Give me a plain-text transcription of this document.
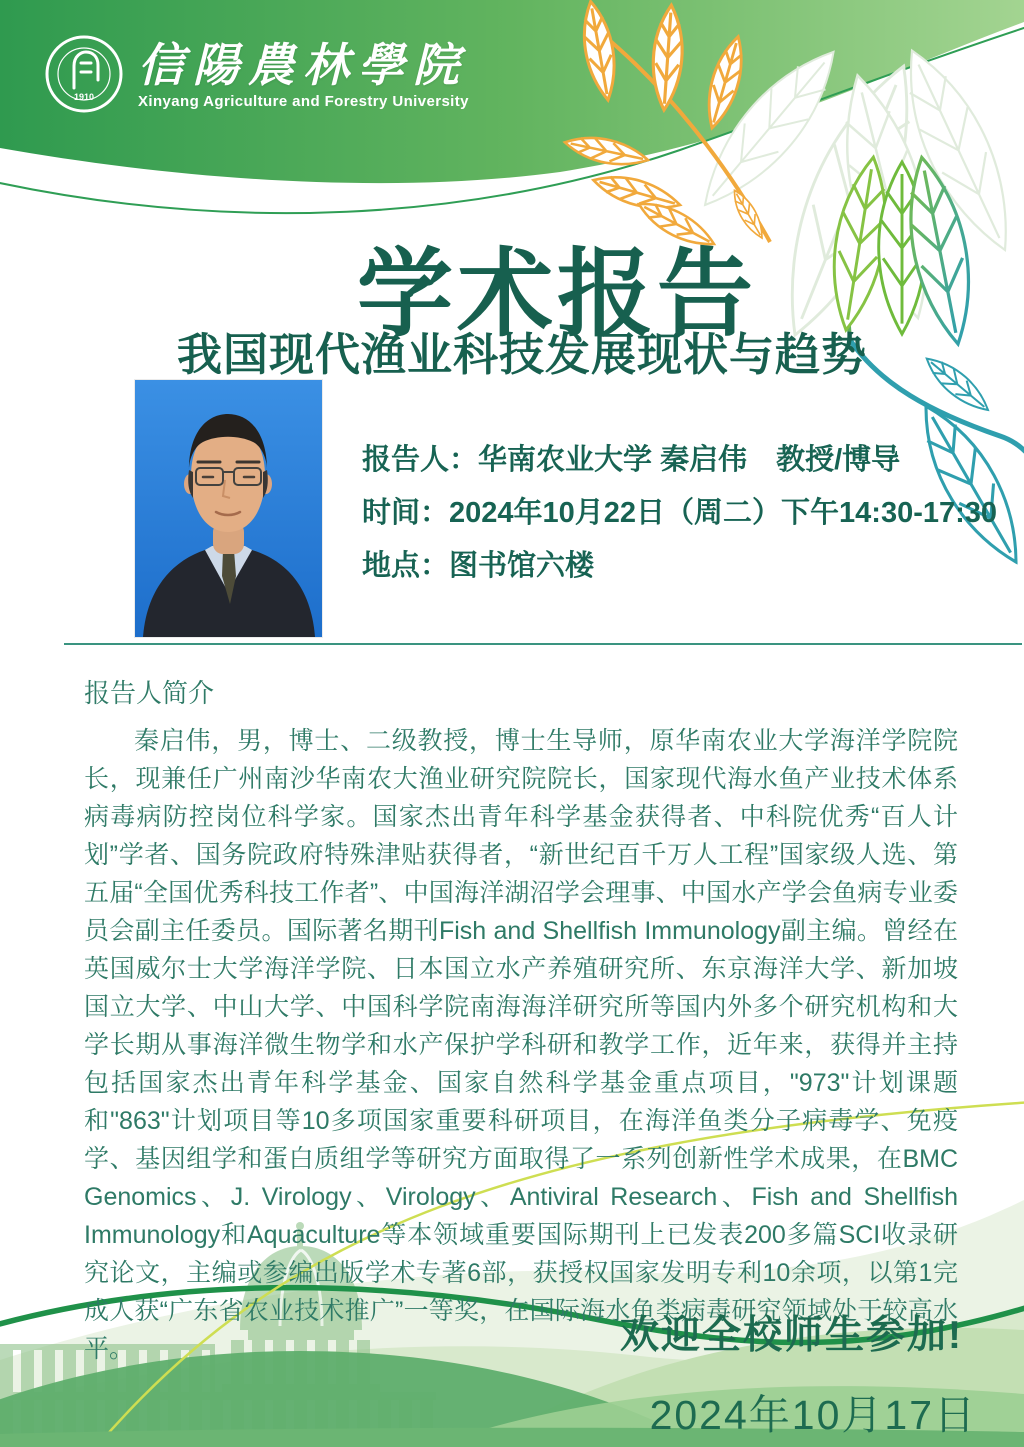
1910
信陽農林學院
Xinyang Agriculture and Forestry University
学术报告
我国现代渔业科技发展现状与趋势
报告人：华南农业大学 秦启伟　教授/博导
时间：2024年10月22日（周二）下午14:30-17:30
地点：图书馆六楼
报告人简介
秦启伟，男，博士、二级教授，博士生导师，原华南农业大学海洋学院院长，现兼任广州南沙华南农大渔业研究院院长，国家现代海水鱼产业技术体系病毒病防控岗位科学家。国家杰出青年科学基金获得者、中科院优秀“百人计划”学者、国务院政府特殊津贴获得者，“新世纪百千万人工程”国家级人选、第五届“全国优秀科技工作者”、中国海洋湖沼学会理事、中国水产学会鱼病专业委员会副主任委员。国际著名期刊Fish and Shellfish Immunology副主编。曾经在英国威尔士大学海洋学院、日本国立水产养殖研究所、东京海洋大学、新加坡国立大学、中山大学、中国科学院南海海洋研究所等国内外多个研究机构和大学长期从事海洋微生物学和水产保护学科研和教学工作，近年来，获得并主持包括国家杰出青年科学基金、国家自然科学基金重点项目，"973"计划课题和"863"计划项目等10多项国家重要科研项目，在海洋鱼类分子病毒学、免疫学、基因组学和蛋白质组学等研究方面取得了一系列创新性学术成果，在BMC Genomics、J. Virology、Virology、Antiviral Research、Fish and Shellfish Immunology和Aquaculture等本领域重要国际期刊上已发表200多篇SCI收录研究论文，主编或参编出版学术专著6部，获授权国家发明专利10余项，以第1完成人获“广东省农业技术推广”一等奖，在国际海水鱼类病毒研究领域处于较高水平。	欢迎全校师生参加!
2024年10月17日
